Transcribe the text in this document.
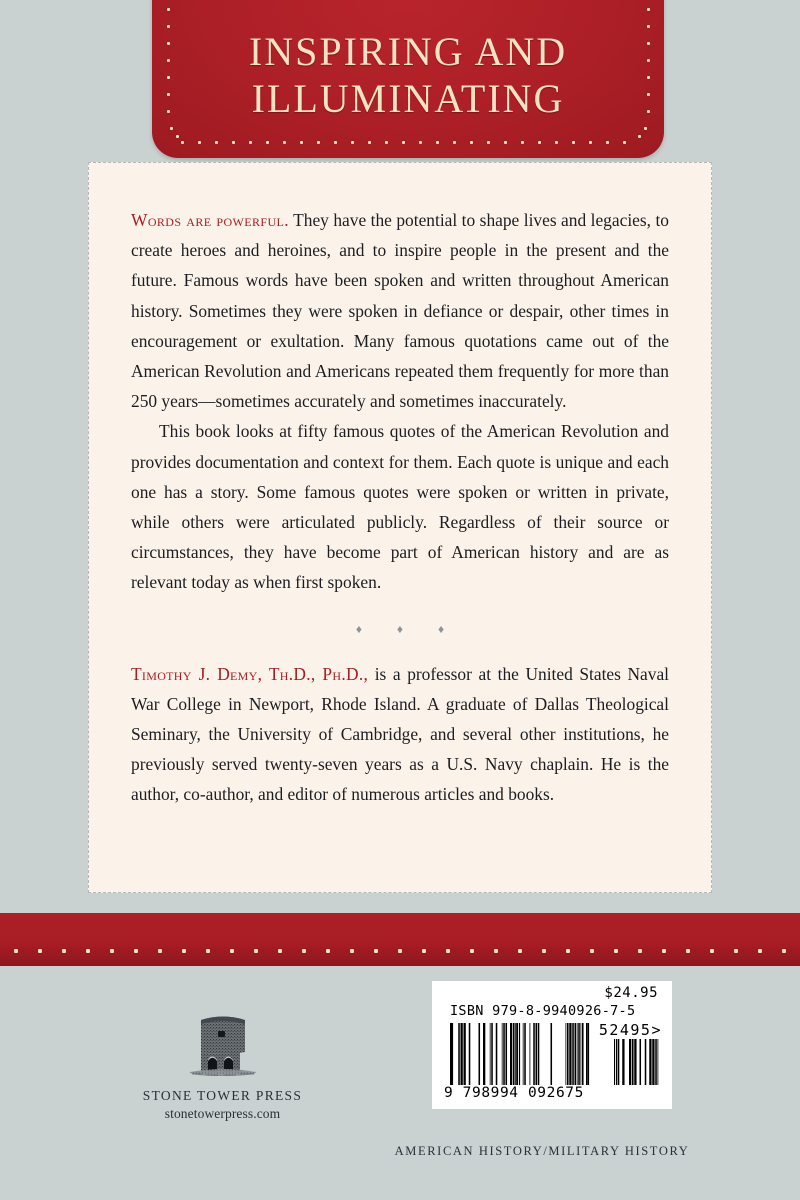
INSPIRING AND
ILLUMINATING

Words are powerful. They have the potential to shape lives and legacies, to create heroes and heroines, and to inspire people in the present and the future. Famous words have been spoken and written throughout American history. Sometimes they were spoken in defiance or despair, other times in encouragement or exultation. Many famous quotations came out of the American Revolution and Americans repeated them frequently for more than 250 years—sometimes accurately and sometimes inaccurately.

This book looks at fifty famous quotes of the American Revolution and provides documentation and context for them. Each quote is unique and each one has a story. Some famous quotes were spoken or written in private, while others were articulated publicly. Regardless of their source or circumstances, they have become part of American history and are as relevant today as when first spoken.

♦ ♦ ♦

Timothy J. Demy, Th.D., Ph.D., is a professor at the United States Naval War College in Newport, Rhode Island. A graduate of Dallas Theological Seminary, the University of Cambridge, and several other institutions, he previously served twenty-seven years as a U.S. Navy chaplain. He is the author, co-author, and editor of numerous articles and books.

STONE TOWER PRESS
stonetowerpress.com
$24.95
ISBN 979-8-9940926-7-5
52495>
9 798994 092675
AMERICAN HISTORY/MILITARY HISTORY
